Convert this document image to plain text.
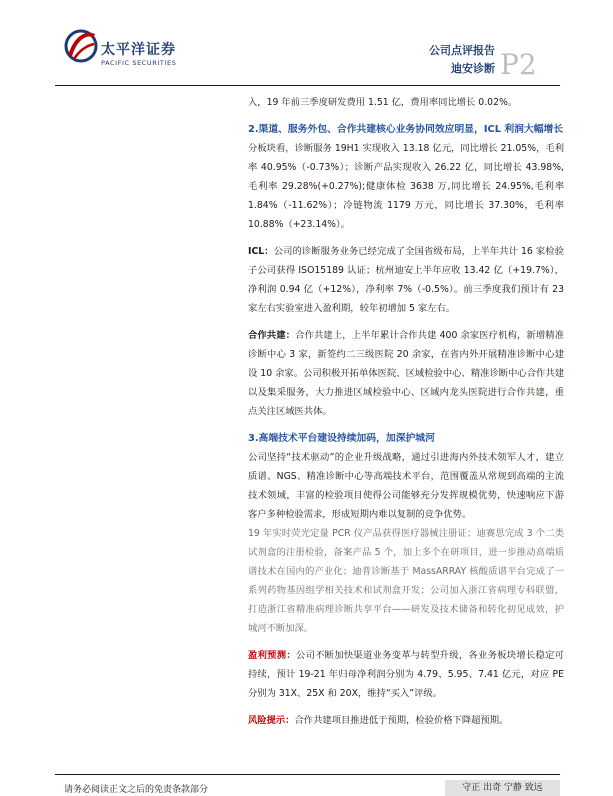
太平洋证券
PACIFIC SECURITIES
公司点评报告
迪安诊断 P2

入，19 年前三季度研发费用 1.51 亿，费用率同比增长 0.02%。

2.渠道、服务外包、合作共建核心业务协同效应明显，ICL 利润大幅增长

分板块看，诊断服务 19H1 实现收入 13.18 亿元，同比增长 21.05%，毛利率 40.95%（-0.73%）；诊断产品实现收入 26.22 亿，同比增长 43.98%,毛利率 29.28%(+0.27%);健康体检 3638 万,同比增长 24.95%,毛利率 1.84%（-11.62%）；冷链物流 1179 万元，同比增长 37.30%，毛利率 10.88%（+23.14%）。

ICL：公司的诊断服务业务已经完成了全国省级布局，上半年共计 16 家检验子公司获得 ISO15189 认证；杭州迪安上半年应收 13.42 亿（+19.7%），净利润 0.94 亿（+12%），净利率 7%（-0.5%）。前三季度我们预计有 23 家左右实验室进入盈利期，较年初增加 5 家左右。

合作共建：合作共建上，上半年累计合作共建 400 余家医疗机构，新增精准诊断中心 3 家，新签约二三级医院 20 余家，在省内外开展精准诊断中心建设 10 余家。公司积极开拓单体医院、区域检验中心、精准诊断中心合作共建以及集采服务，大力推进区域检验中心、区域内龙头医院进行合作共建，重点关注区域医共体。

3.高端技术平台建设持续加码，加深护城河

公司坚持“技术驱动”的企业升级战略，通过引进海内外技术领军人才，建立质谱、NGS、精准诊断中心等高端技术平台，范围覆盖从常规到高端的主流技术领域，丰富的检验项目使得公司能够充分发挥规模优势，快速响应下游客户多种检验需求，形成短期内难以复制的竞争优势。

19 年实时荧光定量 PCR 仪产品获得医疗器械注册证；迪赛思完成 3 个二类试剂盒的注册检验，备案产品 5 个，加上多个在研项目，进一步推动高端质谱技术在国内的产业化；迪普诊断基于 MassARRAY 核酸质谱平台完成了一系列药物基因组学相关技术和试剂盒开发；公司加入浙江省病理专科联盟，打造浙江省精准病理诊断共享平台——研发及技术储备和转化初见成效，护城河不断加深。

盈利预测：公司不断加快渠道业务变革与转型升级，各业务板块增长稳定可持续，预计 19-21 年归母净利润分别为 4.79、5.95、7.41 亿元，对应 PE 分别为 31X、25X 和 20X，维持“买入”评级。

风险提示：合作共建项目推进低于预期，检验价格下降超预期。

请务必阅读正文之后的免责条款部分	守正 出奇 宁静 致远
